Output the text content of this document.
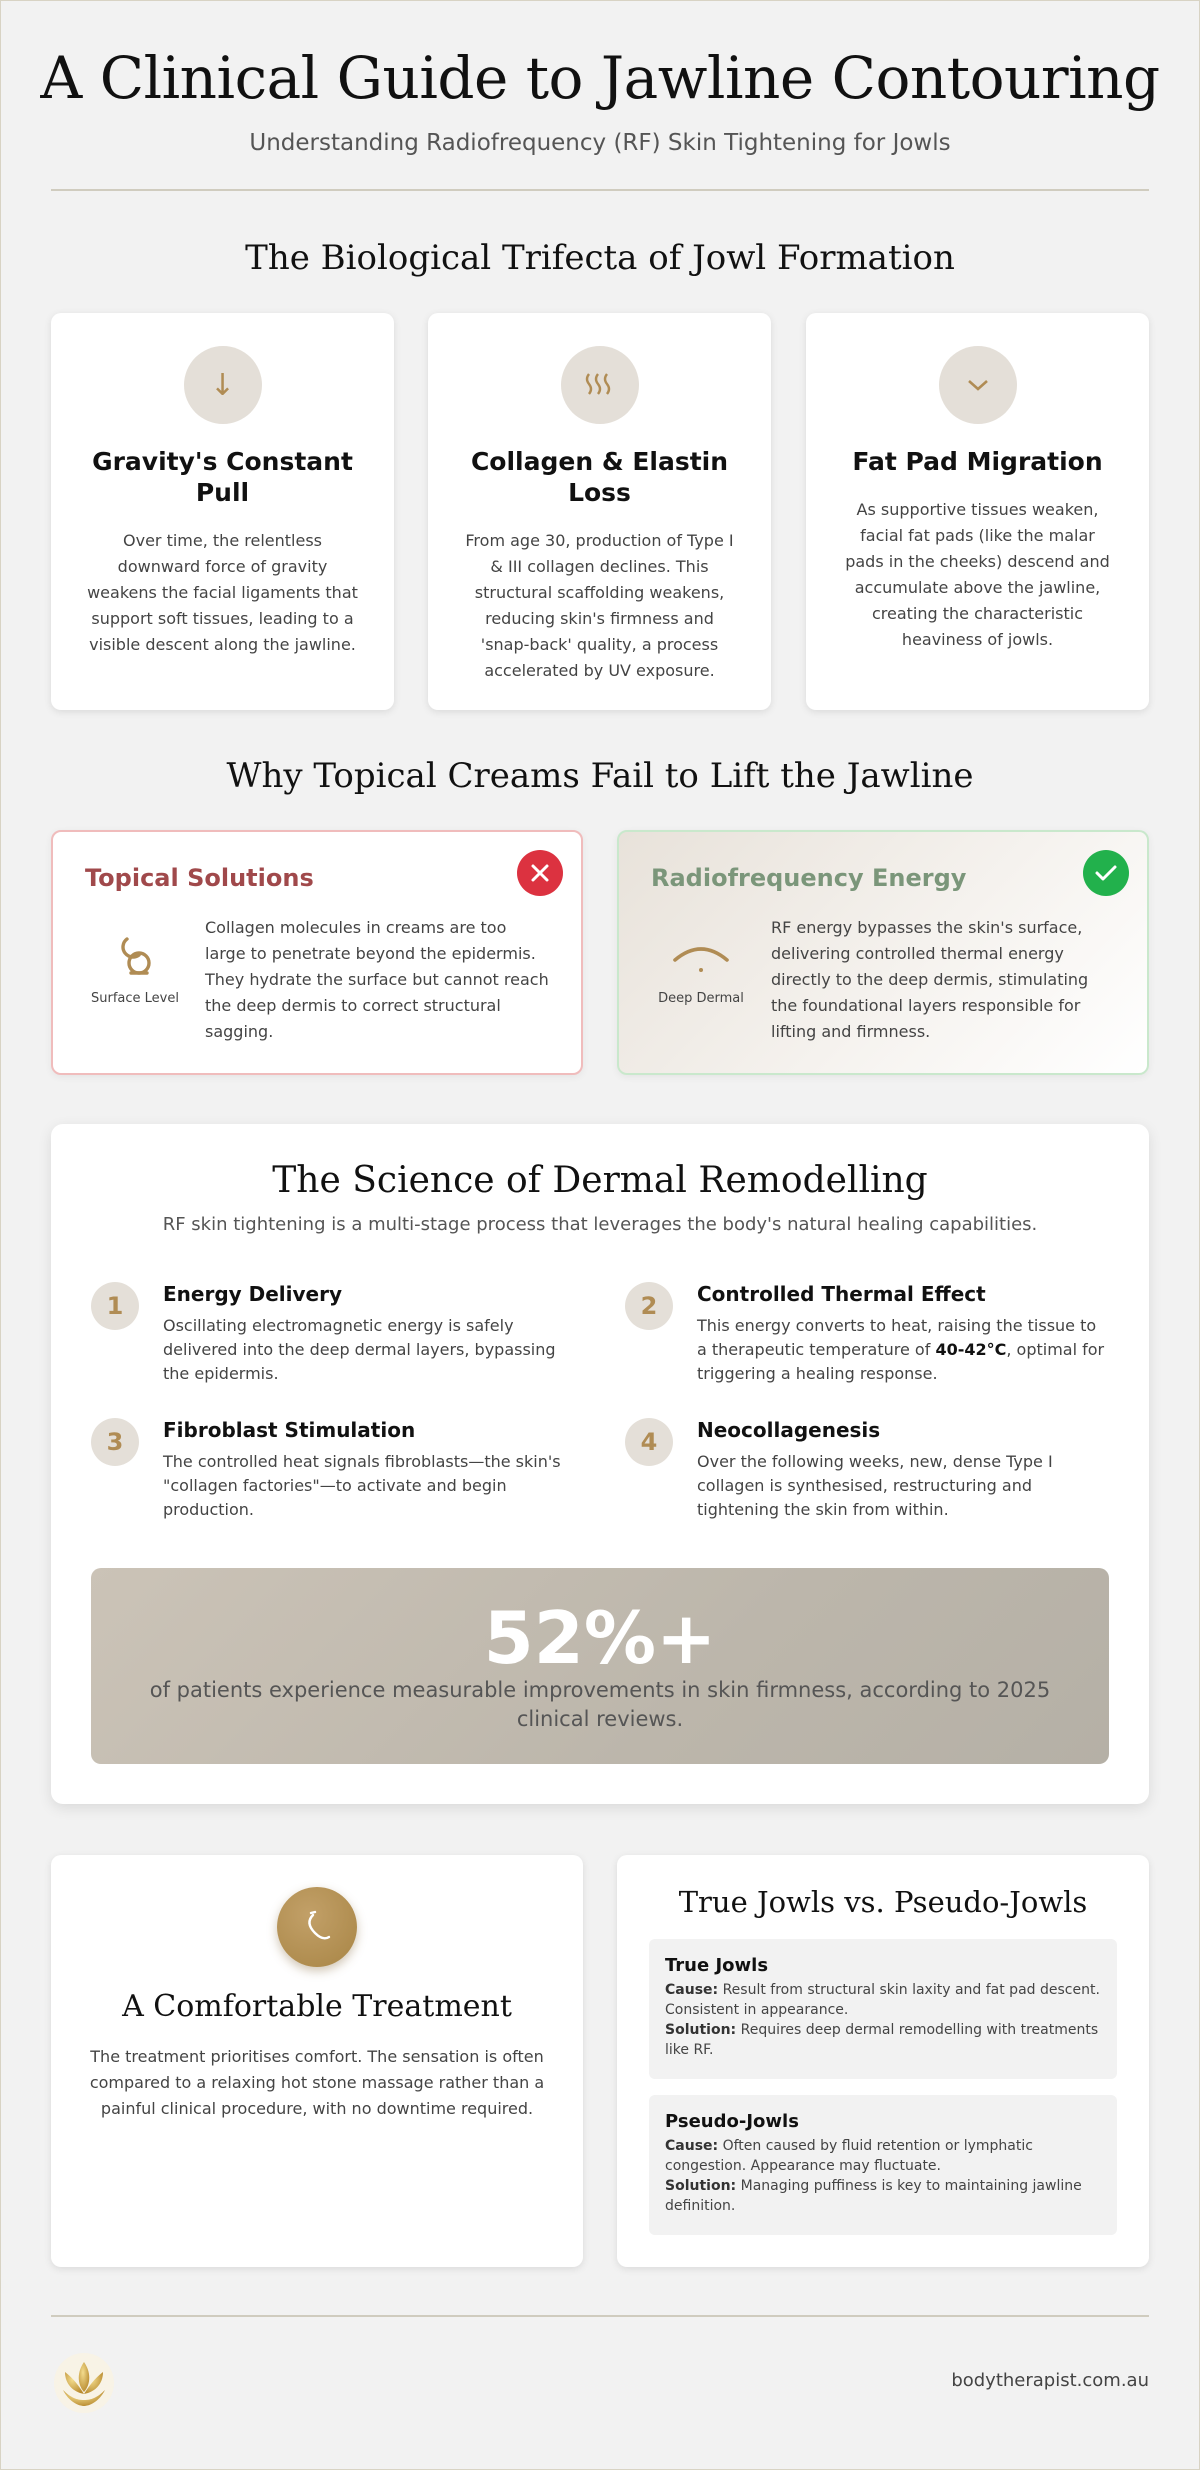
A Clinical Guide to Jawline Contouring

Understanding Radiofrequency (RF) Skin Tightening for Jowls

The Biological Trifecta of Jowl Formation
↓
Gravity's Constant Pull

Over time, the relentless downward force of gravity weakens the facial ligaments that support soft tissues, leading to a visible descent along the jawline.

Collagen & Elastin Loss

From age 30, production of Type I & III collagen declines. This structural scaffolding weakens, reducing skin's firmness and 'snap-back' quality, a process accelerated by UV exposure.

Fat Pad Migration

As supportive tissues weaken, facial fat pads (like the malar pads in the cheeks) descend and accumulate above the jawline, creating the characteristic heaviness of jowls.

Why Topical Creams Fail to Lift the Jawline
Topical Solutions
Surface Level

Collagen molecules in creams are too large to penetrate beyond the epidermis. They hydrate the surface but cannot reach the deep dermis to correct structural sagging.

Radiofrequency Energy
Deep Dermal

RF energy bypasses the skin's surface, delivering controlled thermal energy directly to the deep dermis, stimulating the foundational layers responsible for lifting and firmness.

The Science of Dermal Remodelling
RF skin tightening is a multi-stage process that leverages the body's natural healing capabilities.
1	Energy Delivery

Oscillating electromagnetic energy is safely delivered into the deep dermal layers, bypassing the epidermis.

2	Controlled Thermal Effect

This energy converts to heat, raising the tissue to a therapeutic temperature of 40-42°C, optimal for triggering a healing response.

3	Fibroblast Stimulation

The controlled heat signals fibroblasts—the skin's "collagen factories"—to activate and begin production.

4	Neocollagenesis

Over the following weeks, new, dense Type I collagen is synthesised, restructuring and tightening the skin from within.

52%+
of patients experience measurable improvements in skin firmness, according to 2025 clinical reviews.
A Comfortable Treatment

The treatment prioritises comfort. The sensation is often compared to a relaxing hot stone massage rather than a painful clinical procedure, with no downtime required.

True Jowls vs. Pseudo-Jowls
True Jowls

Cause: Result from structural skin laxity and fat pad descent. Consistent in appearance.

Solution: Requires deep dermal remodelling with treatments like RF.

Pseudo-Jowls

Cause: Often caused by fluid retention or lymphatic congestion. Appearance may fluctuate.

Solution: Managing puffiness is key to maintaining jawline definition.

bodytherapist.com.au
